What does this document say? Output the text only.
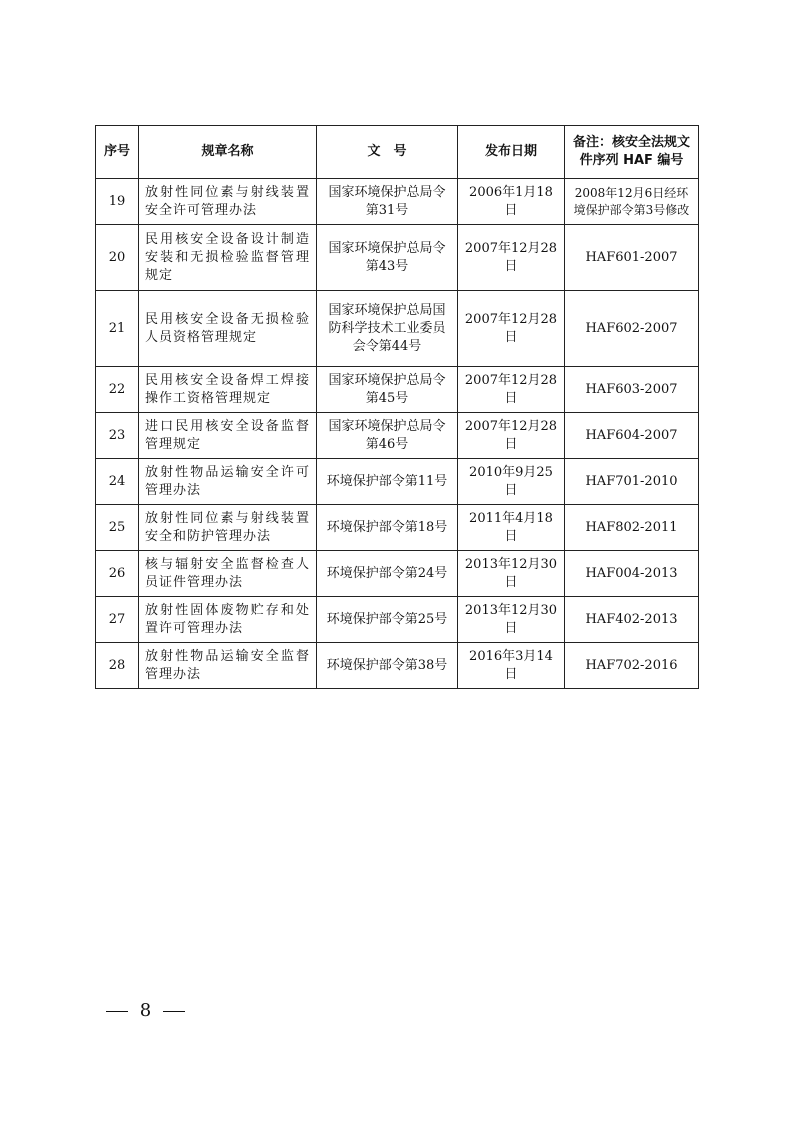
序号	规章名称	文　号	发布日期	备注：核安全法规文件序列 HAF 编号
19	放射性同位素与射线装置安全许可管理办法	国家环境保护总局令第31号	2006年1月18日	2008年12月6日经环境保护部令第3号修改
20	民用核安全设备设计制造安装和无损检验监督管理规定	国家环境保护总局令第43号	2007年12月28日	HAF601-2007
21	民用核安全设备无损检验人员资格管理规定	国家环境保护总局国防科学技术工业委员会令第44号	2007年12月28日	HAF602-2007
22	民用核安全设备焊工焊接操作工资格管理规定	国家环境保护总局令第45号	2007年12月28日	HAF603-2007
23	进口民用核安全设备监督管理规定	国家环境保护总局令第46号	2007年12月28日	HAF604-2007
24	放射性物品运输安全许可管理办法	环境保护部令第11号	2010年9月25日	HAF701-2010
25	放射性同位素与射线装置安全和防护管理办法	环境保护部令第18号	2011年4月18日	HAF802-2011
26	核与辐射安全监督检查人员证件管理办法	环境保护部令第24号	2013年12月30日	HAF004-2013
27	放射性固体废物贮存和处置许可管理办法	环境保护部令第25号	2013年12月30日	HAF402-2013
28	放射性物品运输安全监督管理办法	环境保护部令第38号	2016年3月14日	HAF702-2016
8
